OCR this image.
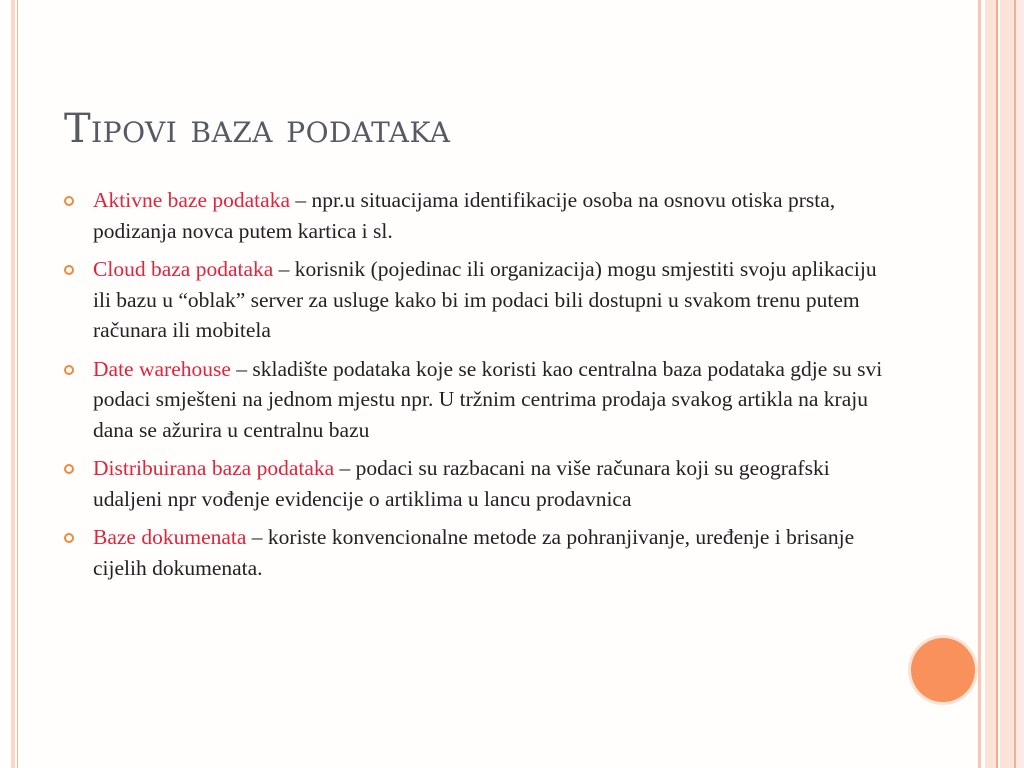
Tipovi baza podataka
Aktivne baze podataka – npr.u situacijama identifikacije osoba na osnovu otiska prsta, podizanja novca putem kartica i sl.
Cloud baza podataka – korisnik (pojedinac ili organizacija) mogu smjestiti svoju aplikaciju ili bazu u “oblak” server za usluge kako bi im podaci bili dostupni u svakom trenu putem računara ili mobitela
Date warehouse – skladište podataka koje se koristi kao centralna baza podataka gdje su svi podaci smješteni na jednom mjestu npr. U tržnim centrima prodaja svakog artikla na kraju dana se ažurira u centralnu bazu
Distribuirana baza podataka – podaci su razbacani na više računara koji su geografski udaljeni npr vođenje evidencije o artiklima u lancu prodavnica
Baze dokumenata – koriste konvencionalne metode za pohranjivanje, uređenje i brisanje cijelih dokumenata.
